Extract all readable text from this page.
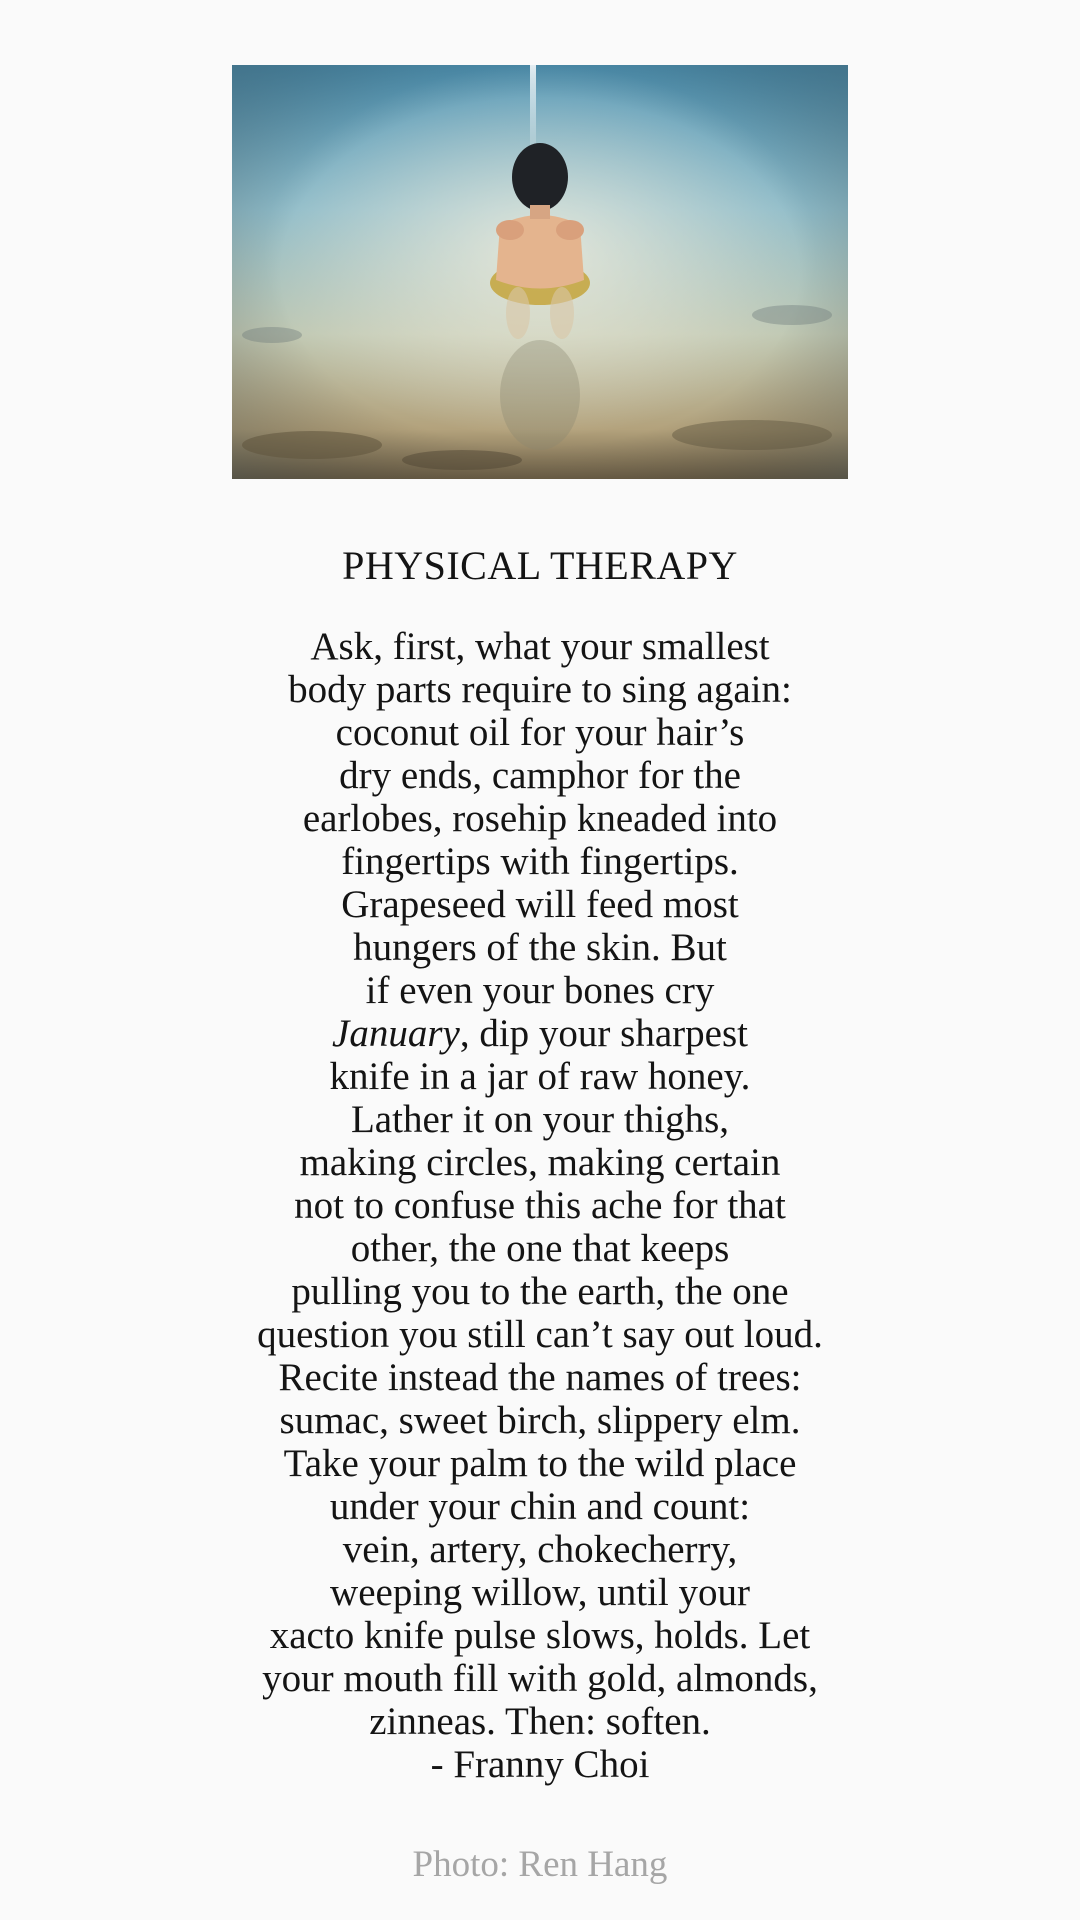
PHYSICAL THERAPY
Ask, first, what your smallest
body parts require to sing again:
coconut oil for your hair’s
dry ends, camphor for the
earlobes, rosehip kneaded into
fingertips with fingertips.
Grapeseed will feed most
hungers of the skin. But
if even your bones cry
January, dip your sharpest
knife in a jar of raw honey.
Lather it on your thighs,
making circles, making certain
not to confuse this ache for that
other, the one that keeps
pulling you to the earth, the one
question you still can’t say out loud.
Recite instead the names of trees:
sumac, sweet birch, slippery elm.
Take your palm to the wild place
under your chin and count:
vein, artery, chokecherry,
weeping willow, until your
xacto knife pulse slows, holds. Let
your mouth fill with gold, almonds,
zinneas. Then: soften.
- Franny Choi
Photo: Ren Hang
